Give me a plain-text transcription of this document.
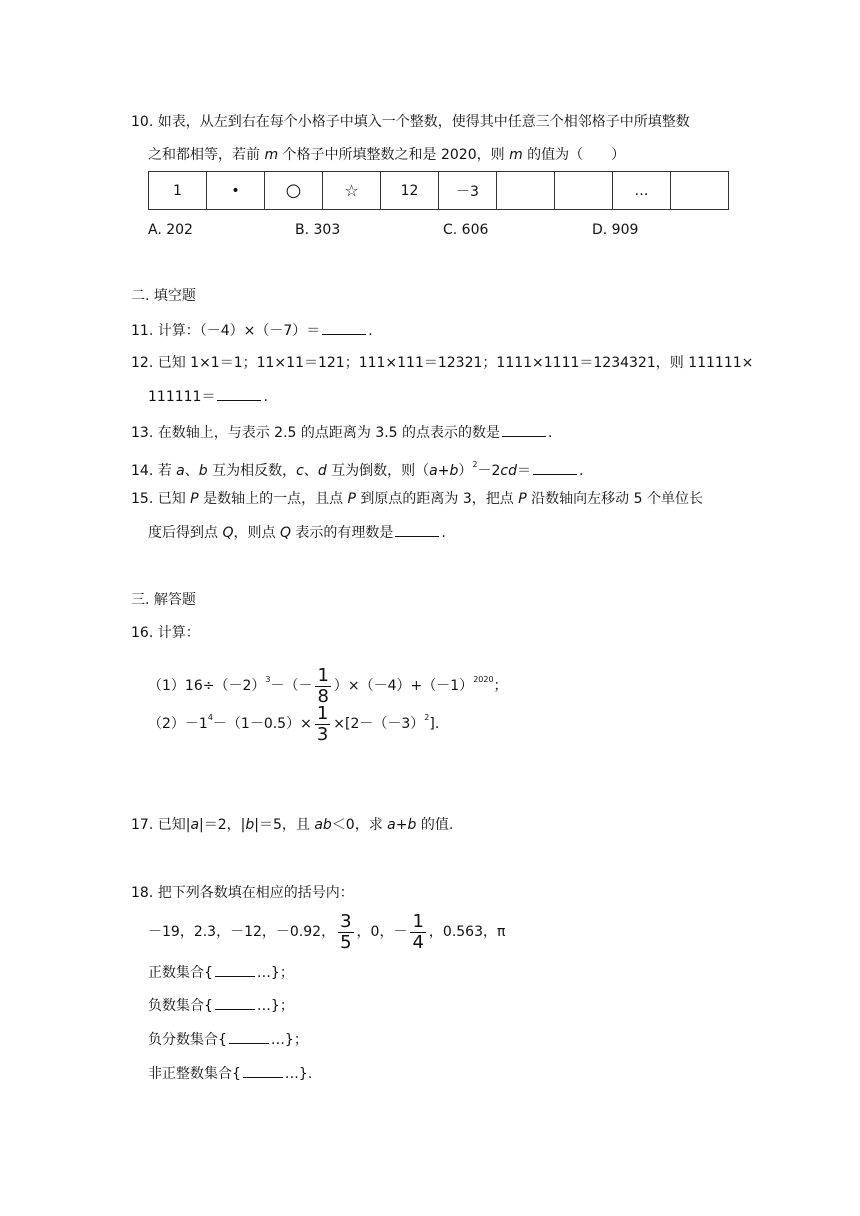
10. 如表，从左到右在每个小格子中填入一个整数，使得其中任意三个相邻格子中所填整数
之和都相等，若前 m 个格子中所填整数之和是 2020，则 m 的值为（　　）
1	•	○	☆	12	－3			…	
A. 202	B. 303	C. 606	D. 909
二. 填空题
11. 计算：（－4）×（－7）＝	.
12. 已知 1×1＝1；11×11＝121；111×111＝12321；1111×1111＝1234321，则 111111×
111111＝	.
13. 在数轴上，与表示 2.5 的点距离为 3.5 的点表示的数是	.
14. 若 a、b 互为相反数，c、d 互为倒数，则$(a+b)^2-2cd=$	.
15. 已知 P 是数轴上的一点，且点 P 到原点的距离为 3，把点 P 沿数轴向左移动 5 个单位长
度后得到点 Q，则点 Q 表示的有理数是	.
三. 解答题
16. 计算：
$(1)16\div(-2)^3-(- \frac{1}{8} )\times(-4)+(-1)^{2020}$；
$(2)-1^4-(1-0.5)\times \frac{1}{3} \times[2-(-3)^2]$.
17. 已知|a|＝2，|b|＝5，且 ab＜0，求 a+b 的值.
18. 把下列各数填在相应的括号内：
－19，2.3，－12，－0.92， $\frac{3}{5}$ ，0，－ $\frac{1}{4}$ ，0.563，π
正数集合{	…}；
负数集合{	…}；
负分数集合{	…}；
非正整数集合{	…}.
